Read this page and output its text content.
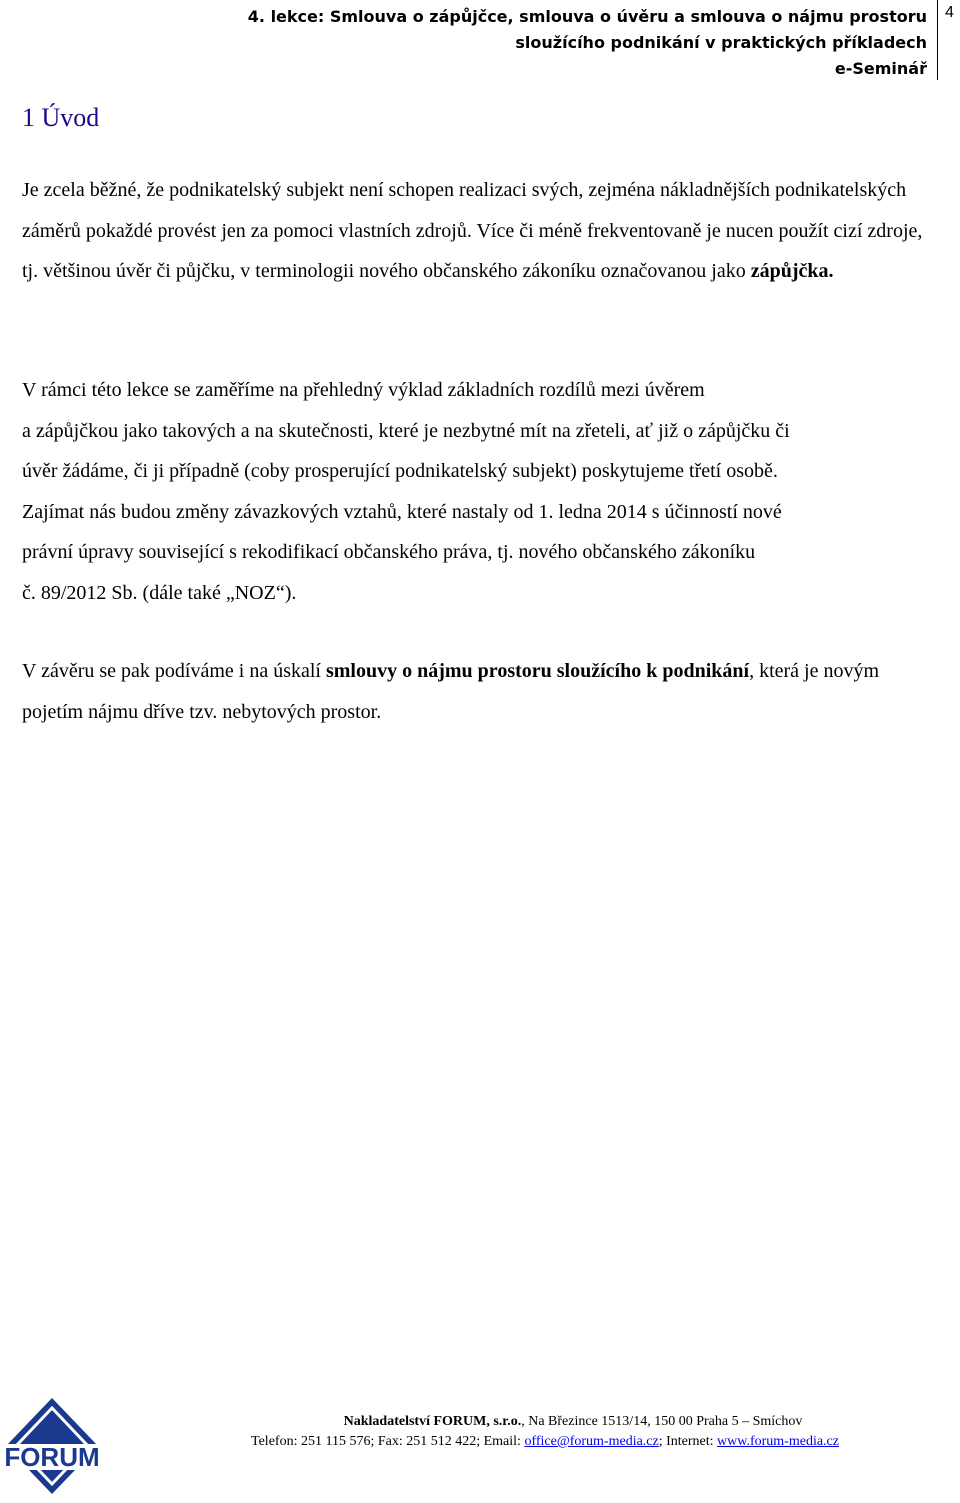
4. lekce: Smlouva o zápůjčce, smlouva o úvěru a smlouva o nájmu prostoru
sloužícího podnikání v praktických příkladech
e-Seminář
4
1 Úvod

Je zcela běžné, že podnikatelský subjekt není schopen realizaci svých, zejména nákladnějších podnikatelských záměrů pokaždé provést jen za pomoci vlastních zdrojů. Více či méně frekventovaně je nucen použít cizí zdroje, tj. většinou úvěr či půjčku, v terminologii nového občanského zákoníku označovanou jako zápůjčka.

V rámci této lekce se zaměříme na přehledný výklad základních rozdílů mezi úvěrem
a zápůjčkou jako takových a na skutečnosti, které je nezbytné mít na zřeteli, ať již o zápůjčku či
úvěr žádáme, či ji případně (coby prosperující podnikatelský subjekt) poskytujeme třetí osobě.
Zajímat nás budou změny závazkových vztahů, které nastaly od 1. ledna 2014 s účinností nové
právní úpravy související s rekodifikací občanského práva, tj. nového občanského zákoníku
č. 89/2012 Sb. (dále také „NOZ“).

V závěru se pak podíváme i na úskalí smlouvy o nájmu prostoru sloužícího k podnikání, která je novým pojetím nájmu dříve tzv. nebytových prostor.

FORUM
Nakladatelství FORUM, s.r.o., Na Březince 1513/14, 150 00 Praha 5 – Smíchov
Telefon: 251 115 576; Fax: 251 512 422; Email: office@forum-media.cz; Internet: www.forum-media.cz
